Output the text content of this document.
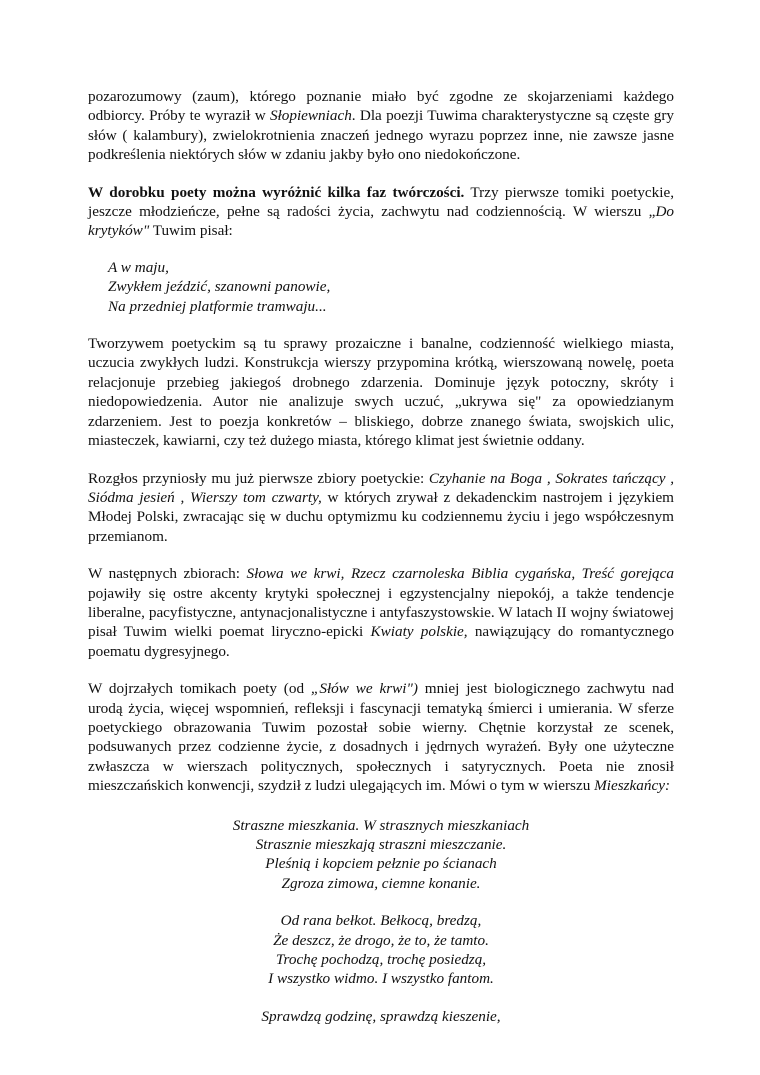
pozarozumowy (zaum), którego poznanie miało być zgodne ze skojarzeniami każdego odbiorcy. Próby te wyraził w Słopiewniach. Dla poezji Tuwima charakterystyczne są częste gry słów ( kalambury), zwielokrotnienia znaczeń jednego wyrazu poprzez inne, nie zawsze jasne podkreślenia niektórych słów w zdaniu jakby było ono niedokończone.

W dorobku poety można wyróżnić kilka faz twórczości. Trzy pierwsze tomiki poetyckie, jeszcze młodzieńcze, pełne są radości życia, zachwytu nad codziennością. W wierszu „Do krytyków" Tuwim pisał:

A w maju,
Zwykłem jeździć, szanowni panowie,
Na przedniej platformie tramwaju...

Tworzywem poetyckim są tu sprawy prozaiczne i banalne, codzienność wielkiego miasta, uczucia zwykłych ludzi. Konstrukcja wierszy przypomina krótką, wierszowaną nowelę, poeta relacjonuje przebieg jakiegoś drobnego zdarzenia. Dominuje język potoczny, skróty i niedopowiedzenia. Autor nie analizuje swych uczuć, „ukrywa się" za opowiedzianym zdarzeniem. Jest to poezja konkretów – bliskiego, dobrze znanego świata, swojskich ulic, miasteczek, kawiarni, czy też dużego miasta, którego klimat jest świetnie oddany.

Rozgłos przyniosły mu już pierwsze zbiory poetyckie: Czyhanie na Boga , Sokrates tańczący , Siódma jesień , Wierszy tom czwarty, w których zrywał z dekadenckim nastrojem i językiem Młodej Polski, zwracając się w duchu optymizmu ku codziennemu życiu i jego współczesnym przemianom.

W następnych zbiorach: Słowa we krwi, Rzecz czarnoleska Biblia cygańska, Treść gorejąca pojawiły się ostre akcenty krytyki społecznej i egzystencjalny niepokój, a także tendencje liberalne, pacyfistyczne, antynacjonalistyczne i antyfaszystowskie. W latach II wojny światowej pisał Tuwim wielki poemat liryczno-epicki Kwiaty polskie, nawiązujący do romantycznego poematu dygresyjnego.

W dojrzałych tomikach poety (od „Słów we krwi") mniej jest biologicznego zachwytu nad urodą życia, więcej wspomnień, refleksji i fascynacji tematyką śmierci i umierania. W sferze poetyckiego obrazowania Tuwim pozostał sobie wierny. Chętnie korzystał ze scenek, podsuwanych przez codzienne życie, z dosadnych i jędrnych wyrażeń. Były one użyteczne zwłaszcza w wierszach politycznych, społecznych i satyrycznych. Poeta nie znosił mieszczańskich konwencji, szydził z ludzi ulegających im. Mówi o tym w wierszu Mieszkańcy:

Straszne mieszkania. W strasznych mieszkaniach
Strasznie mieszkają straszni mieszczanie.
Pleśnią i kopciem pełznie po ścianach
Zgroza zimowa, ciemne konanie.
Od rana bełkot. Bełkocą, bredzą,
Że deszcz, że drogo, że to, że tamto.
Trochę pochodzą, trochę posiedzą,
I wszystko widmo. I wszystko fantom.
Sprawdzą godzinę, sprawdzą kieszenie,
